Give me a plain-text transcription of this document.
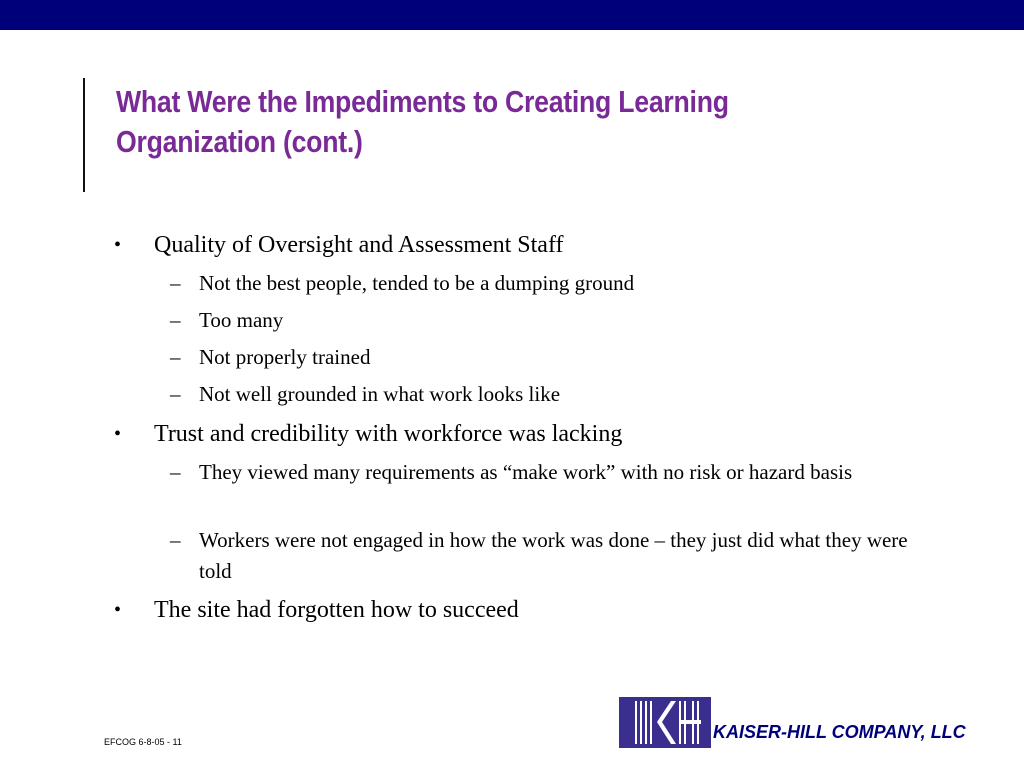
What Were the Impediments to Creating Learning Organization (cont.)
• Quality of Oversight and Assessment Staff
– Not the best people, tended to be a dumping ground
– Too many
– Not properly trained
– Not well grounded in what work looks like
• Trust and credibility with workforce was lacking
– They viewed many requirements as “make work” with no risk or hazard basis
– Workers were not engaged in how the work was done – they just did what they were told
• The site had forgotten how to succeed
EFCOG 6-8-05 - 11	KAISER-HILL COMPANY, LLC
